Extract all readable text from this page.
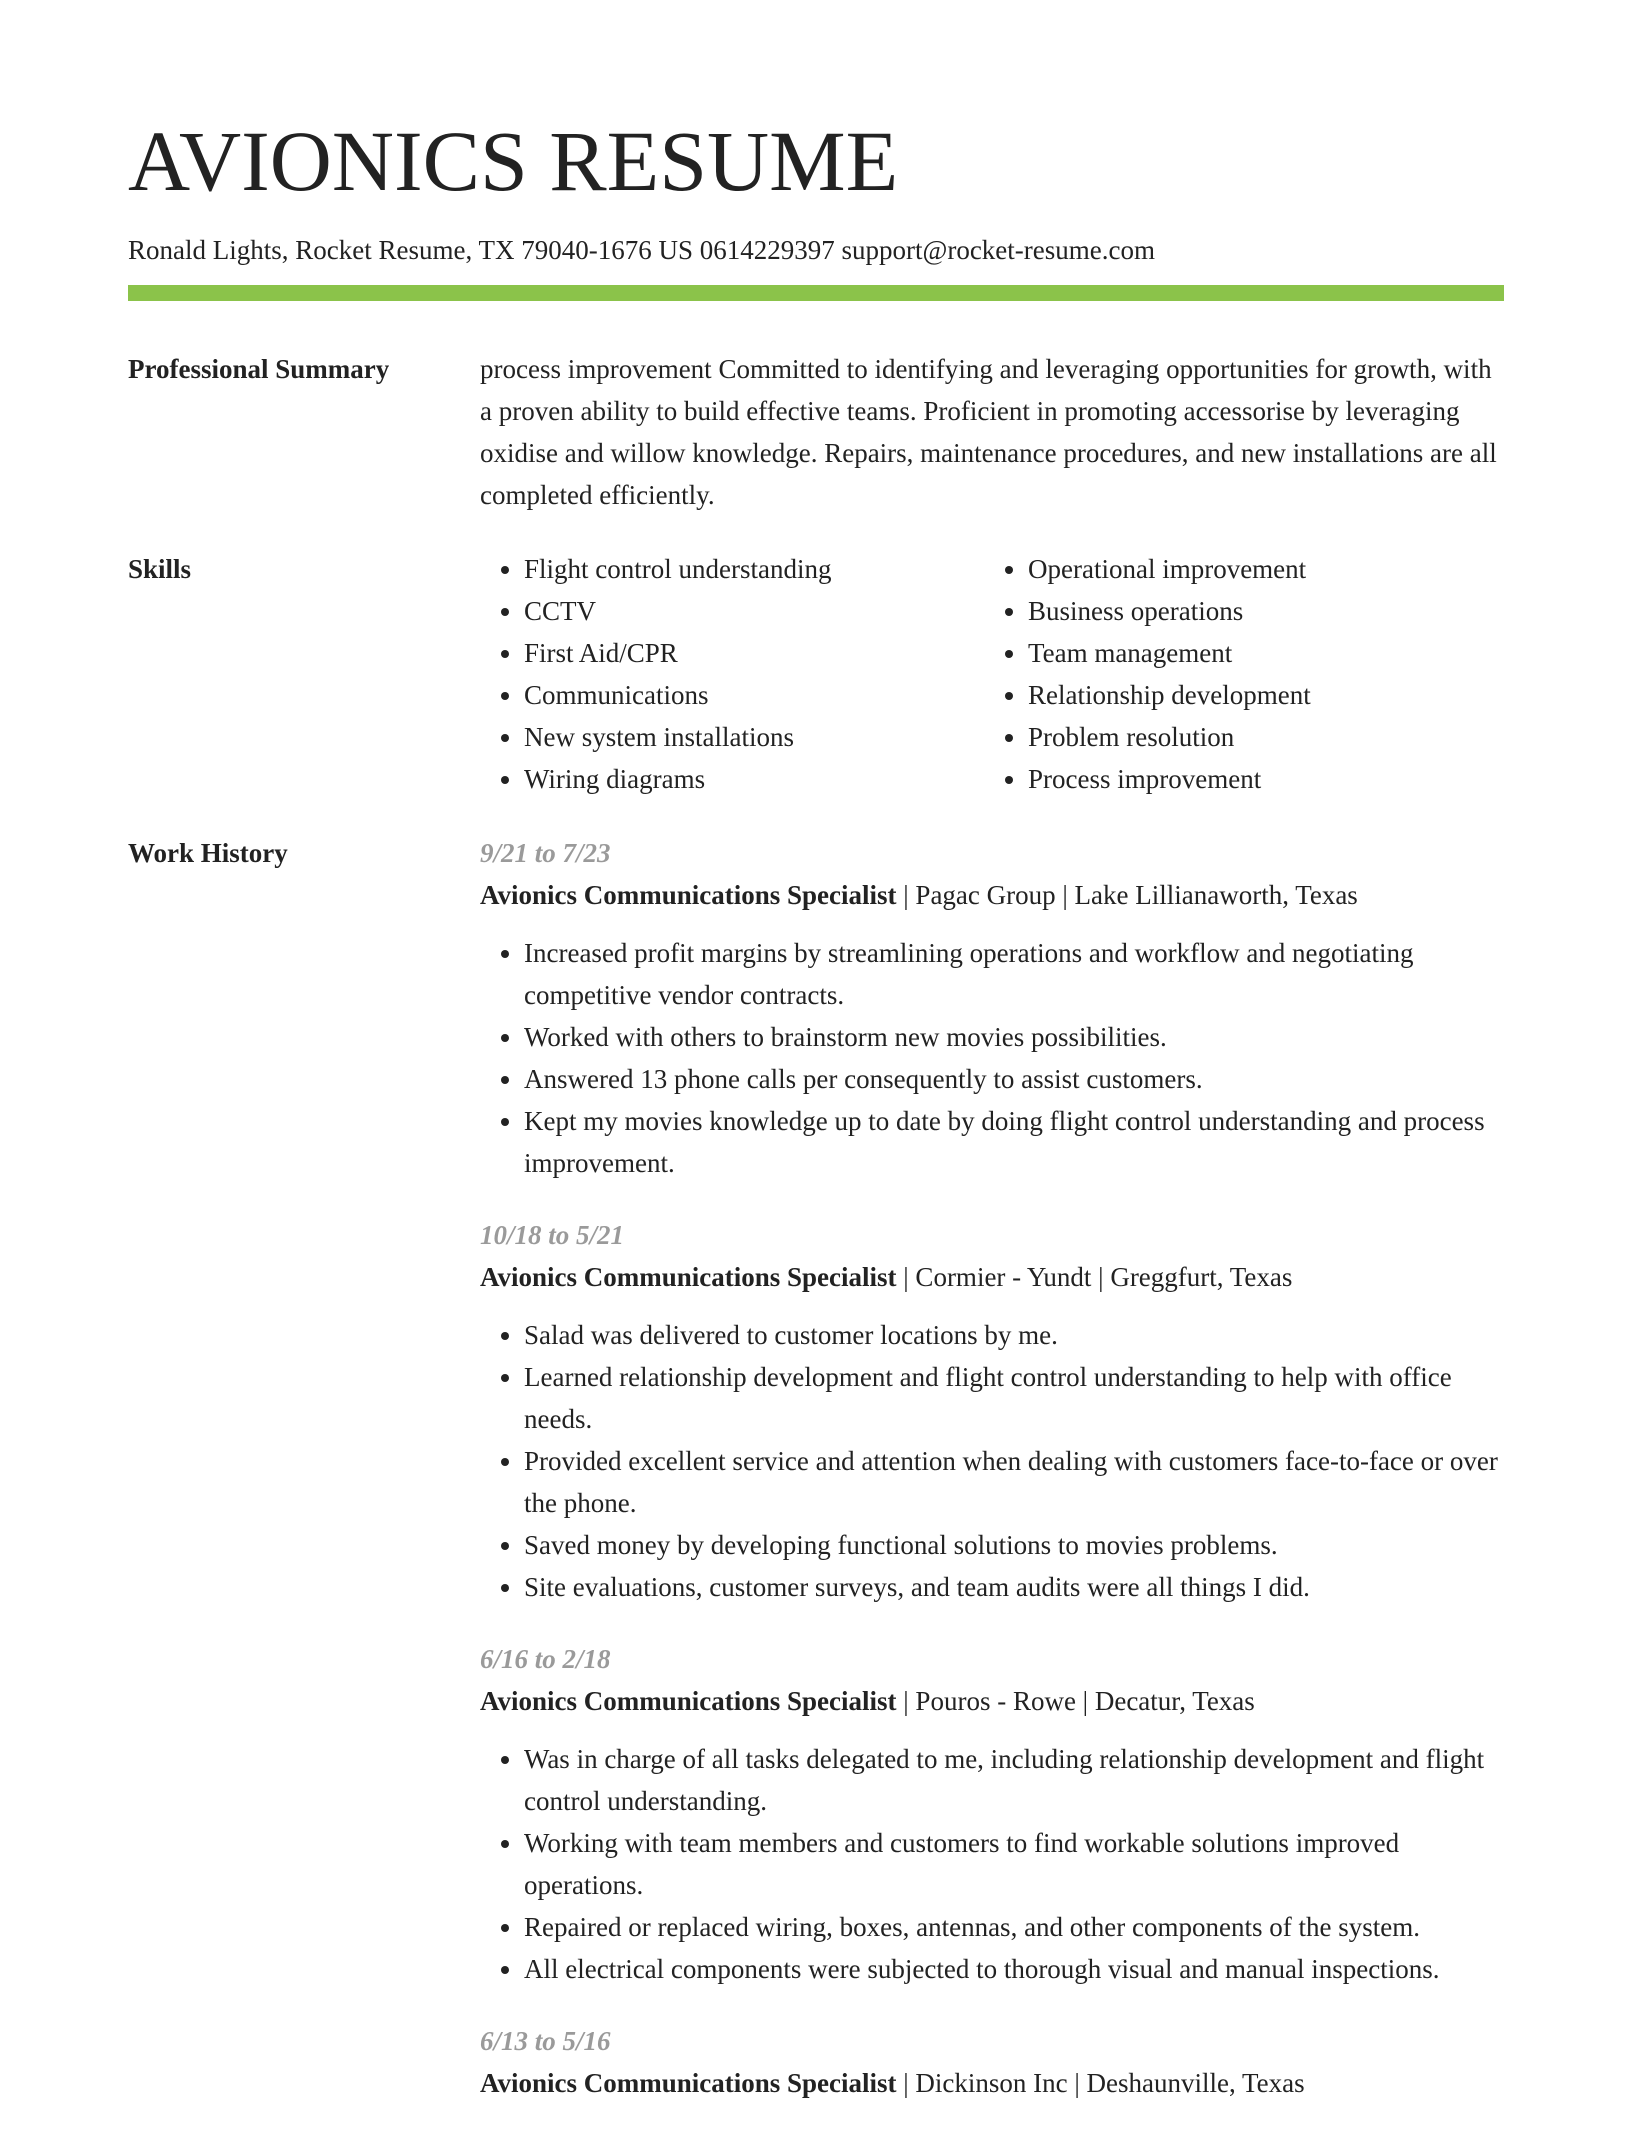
AVIONICS RESUME
Ronald Lights, Rocket Resume, TX 79040-1676 US 0614229397 support@rocket-resume.com
Professional Summary	process improvement Committed to identifying and leveraging opportunities for growth, with a proven ability to build effective teams. Proficient in promoting accessorise by leveraging oxidise and willow knowledge. Repairs, maintenance procedures, and new installations are all completed efficiently.

Skills
•	Flight control understanding
• CCTV
• First Aid/CPR
• Communications
• New system installations
• Wiring diagrams
• Operational improvement
• Business operations
• Team management
• Relationship development
• Problem resolution
• Process improvement
Work History	9/21 to 7/23
Avionics Communications Specialist | Pagac Group | Lake Lillianaworth, Texas
• Increased profit margins by streamlining operations and workflow and negotiating competitive vendor contracts.
• Worked with others to brainstorm new movies possibilities.
• Answered 13 phone calls per consequently to assist customers.
• Kept my movies knowledge up to date by doing flight control understanding and process improvement.
10/18 to 5/21
Avionics Communications Specialist | Cormier - Yundt | Greggfurt, Texas
• Salad was delivered to customer locations by me.
• Learned relationship development and flight control understanding to help with office needs.
• Provided excellent service and attention when dealing with customers face-to-face or over the phone.
• Saved money by developing functional solutions to movies problems.
• Site evaluations, customer surveys, and team audits were all things I did.
6/16 to 2/18
Avionics Communications Specialist | Pouros - Rowe | Decatur, Texas
• Was in charge of all tasks delegated to me, including relationship development and flight control understanding.
• Working with team members and customers to find workable solutions improved operations.
• Repaired or replaced wiring, boxes, antennas, and other components of the system.
• All electrical components were subjected to thorough visual and manual inspections.
6/13 to 5/16
Avionics Communications Specialist | Dickinson Inc | Deshaunville, Texas
